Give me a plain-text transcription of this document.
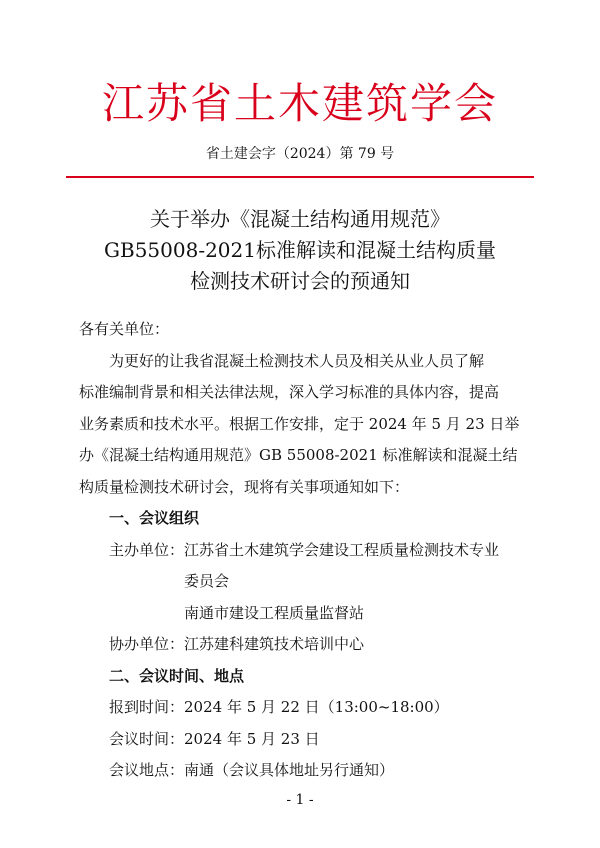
江苏省土木建筑学会
省土建会字（2024）第 79 号
关于举办《混凝土结构通用规范》
GB55008-2021标准解读和混凝土结构质量
检测技术研讨会的预通知
各有关单位：
为更好的让我省混凝土检测技术人员及相关从业人员了解
标准编制背景和相关法律法规，深入学习标准的具体内容，提高
业务素质和技术水平。根据工作安排，定于 2024 年 5 月 23 日举
办《混凝土结构通用规范》GB 55008-2021 标准解读和混凝土结
构质量检测技术研讨会，现将有关事项通知如下：
一、会议组织
主办单位：江苏省土木建筑学会建设工程质量检测技术专业
委员会
南通市建设工程质量监督站
协办单位：江苏建科建筑技术培训中心
二、会议时间、地点
报到时间：2024 年 5 月 22 日（13:00~18:00）
会议时间：2024 年 5 月 23 日
会议地点：南通（会议具体地址另行通知）
- 1 -
